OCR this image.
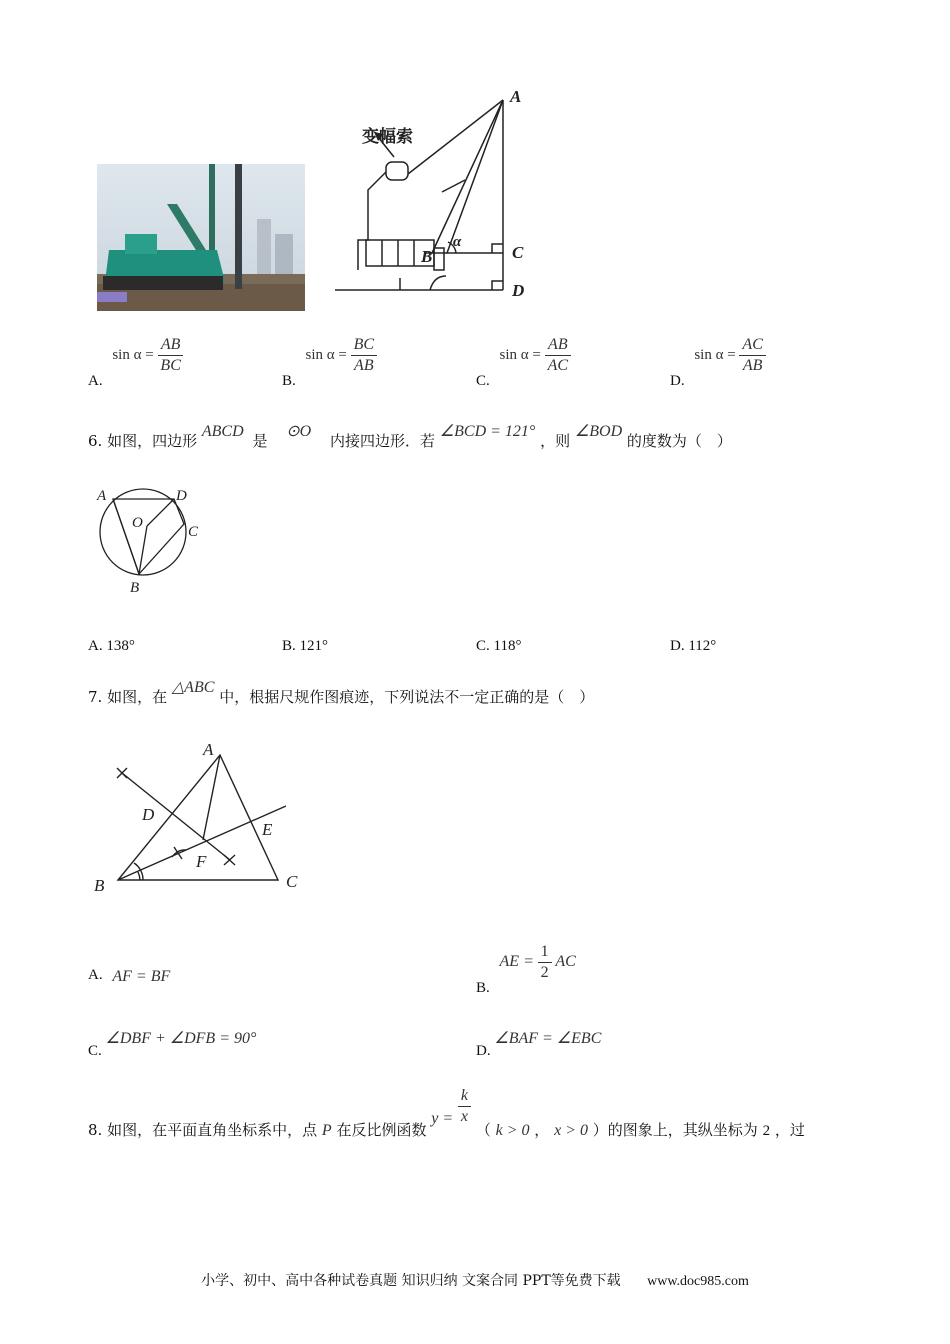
A
B	C
D
α
变幅索
A. $\sin \alpha = \frac{AB}{BC}$
B. $\sin \alpha = \frac{BC}{AB}$
C. $\sin \alpha = \frac{AB}{AC}$
D. $\sin \alpha = \frac{AC}{AB}$
6. 如图，四边形 ABCD 是 ⊙O 内接四边形．若 ∠BCD = 121° ，则 ∠BOD 的度数为（　）
A	D
O
C
B
A. 138°	B. 121°	C. 118°	D. 112°
7. 如图，在 △ABC 中，根据尺规作图痕迹，下列说法不一定正确的是（　）
A
D
E
F
B	C
A. AF = BF
B. AE = $\frac{1}{2}$ AC
C. ∠DBF + ∠DFB = 90°
D. ∠BAF = ∠EBC
8. 如图，在平面直角坐标系中，点 P 在反比例函数 $y = \frac{k}{x}$
（ k > 0 ， x > 0 ）的图象上，其纵坐标为 2 ，过
小学、初中、高中各种试卷真题 知识归纳 文案合同 PPT等免费下载 www.doc985.com
